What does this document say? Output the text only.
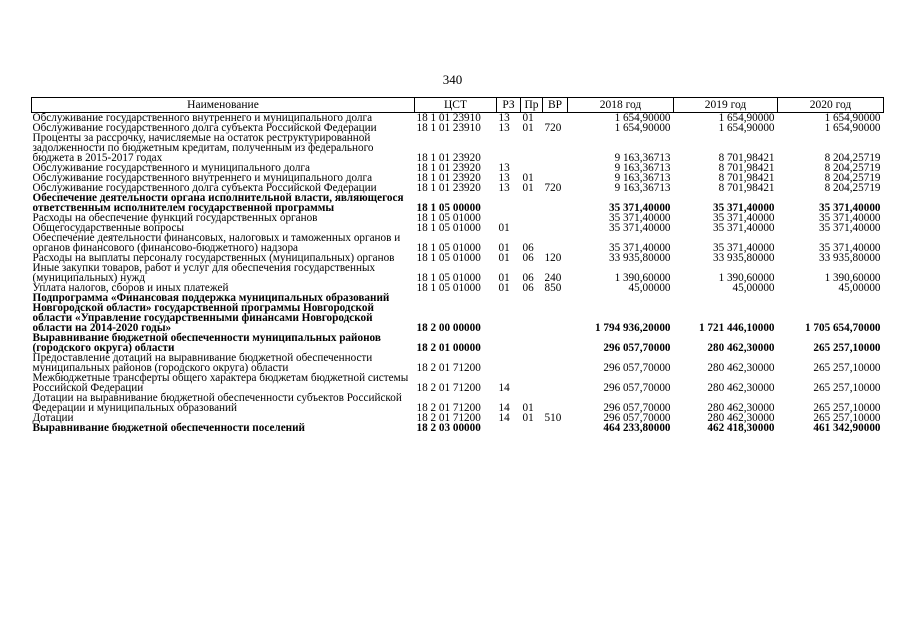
340
Наименование	ЦСТ	РЗ	Пр	ВР	2018 год	2019 год	2020 год
Обслуживание государственного внутреннего и муниципального долга	18 1 01 23910	13	01		1 654,90000	1 654,90000	1 654,90000
Обслуживание государственного долга субъекта Российской Федерации	18 1 01 23910	13	01	720	1 654,90000	1 654,90000	1 654,90000
Проценты за рассрочку, начисляемые на остаток реструктурированной задолженности по бюджетным кредитам, полученным из федерального бюджета в 2015-2017 годах	18 1 01 23920				9 163,36713	8 701,98421	8 204,25719
Обслуживание государственного и муниципального долга	18 1 01 23920	13			9 163,36713	8 701,98421	8 204,25719
Обслуживание государственного внутреннего и муниципального долга	18 1 01 23920	13	01		9 163,36713	8 701,98421	8 204,25719
Обслуживание государственного долга субъекта Российской Федерации	18 1 01 23920	13	01	720	9 163,36713	8 701,98421	8 204,25719
Обеспечение деятельности органа исполнительной власти, являющегося ответственным исполнителем государственной программы	18 1 05 00000				35 371,40000	35 371,40000	35 371,40000
Расходы на обеспечение функций государственных органов	18 1 05 01000				35 371,40000	35 371,40000	35 371,40000
Общегосударственные вопросы	18 1 05 01000	01			35 371,40000	35 371,40000	35 371,40000
Обеспечение деятельности финансовых, налоговых и таможенных органов и органов финансового (финансово-бюджетного) надзора	18 1 05 01000	01	06		35 371,40000	35 371,40000	35 371,40000
Расходы на выплаты персоналу государственных (муниципальных) органов	18 1 05 01000	01	06	120	33 935,80000	33 935,80000	33 935,80000
Иные закупки товаров, работ и услуг для обеспечения государственных (муниципальных) нужд	18 1 05 01000	01	06	240	1 390,60000	1 390,60000	1 390,60000
Уплата налогов, сборов и иных платежей	18 1 05 01000	01	06	850	45,00000	45,00000	45,00000
Подпрограмма «Финансовая поддержка муниципальных образований Новгородской области» государственной программы Новгородской области «Управление государственными финансами Новгородской области на 2014-2020 годы»	18 2 00 00000				1 794 936,20000	1 721 446,10000	1 705 654,70000
Выравнивание бюджетной обеспеченности муниципальных районов (городского округа) области	18 2 01 00000				296 057,70000	280 462,30000	265 257,10000
Предоставление дотаций на выравнивание бюджетной обеспеченности муниципальных районов (городского округа) области	18 2 01 71200				296 057,70000	280 462,30000	265 257,10000
Межбюджетные трансферты общего характера бюджетам бюджетной системы Российской Федерации	18 2 01 71200	14			296 057,70000	280 462,30000	265 257,10000
Дотации на выравнивание бюджетной обеспеченности субъектов Российской Федерации и муниципальных образований	18 2 01 71200	14	01		296 057,70000	280 462,30000	265 257,10000
Дотации	18 2 01 71200	14	01	510	296 057,70000	280 462,30000	265 257,10000
Выравнивание бюджетной обеспеченности поселений	18 2 03 00000				464 233,80000	462 418,30000	461 342,90000
